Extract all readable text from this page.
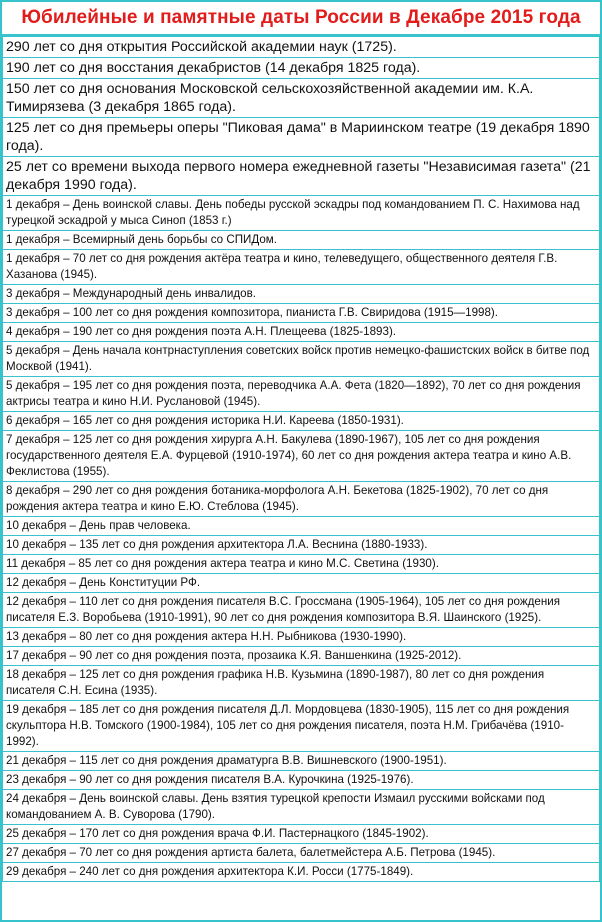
Юбилейные и памятные даты России в Декабре 2015 года
290 лет со дня открытия Российской академии наук (1725).
190 лет со дня восстания декабристов (14 декабря 1825 года).
150 лет со дня основания Московской сельскохозяйственной академии им. К.А. Тимирязева (3 декабря 1865 года).
125 лет со дня премьеры оперы "Пиковая дама" в Мариинском театре (19 декабря 1890 года).
25 лет со времени выхода первого номера ежедневной газеты "Независимая газета" (21 декабря 1990 года).
1 декабря – День воинской славы. День победы русской эскадры под командованием П. С. Нахимова над турецкой эскадрой у мыса Синоп (1853 г.)
1 декабря – Всемирный день борьбы со СПИДом.
1 декабря – 70 лет со дня рождения актёра театра и кино, телеведущего, общественного деятеля Г.В. Хазанова (1945).
3 декабря – Международный день инвалидов.
3 декабря – 100 лет со дня рождения композитора, пианиста Г.В. Свиридова (1915—1998).
4 декабря – 190 лет со дня рождения поэта А.Н. Плещеева (1825-1893).
5 декабря – День начала контрнаступления советских войск против немецко-фашистских войск в битве под Москвой (1941).
5 декабря – 195 лет со дня рождения поэта, переводчика А.А. Фета (1820—1892), 70 лет со дня рождения актрисы театра и кино Н.И. Руслановой (1945).
6 декабря – 165 лет со дня рождения историка Н.И. Кареева (1850-1931).
7 декабря – 125 лет со дня рождения хирурга А.Н. Бакулева (1890-1967), 105 лет со дня рождения государственного деятеля Е.А. Фурцевой (1910-1974), 60 лет со дня рождения актера театра и кино А.В. Феклистова (1955).
8 декабря – 290 лет со дня рождения ботаника-морфолога А.Н. Бекетова (1825-1902), 70 лет со дня рождения актера театра и кино Е.Ю. Стеблова (1945).
10 декабря – День прав человека.
10 декабря – 135 лет со дня рождения архитектора Л.А. Веснина (1880-1933).
11 декабря – 85 лет со дня рождения актера театра и кино М.С. Светина (1930).
12 декабря – День Конституции РФ.
12 декабря – 110 лет со дня рождения писателя В.С. Гроссмана (1905-1964), 105 лет со дня рождения писателя Е.З. Воробьева (1910-1991), 90 лет со дня рождения композитора В.Я. Шаинского (1925).
13 декабря – 80 лет со дня рождения актера Н.Н. Рыбникова (1930-1990).
17 декабря – 90 лет со дня рождения поэта, прозаика К.Я. Ваншенкина (1925-2012).
18 декабря – 125 лет со дня рождения графика Н.В. Кузьмина (1890-1987), 80 лет со дня рождения писателя С.Н. Есина (1935).
19 декабря – 185 лет со дня рождения писателя Д.Л. Мордовцева (1830-1905), 115 лет со дня рождения скульптора Н.В. Томского (1900-1984), 105 лет со дня рождения писателя, поэта Н.М. Грибачёва (1910-1992).
21 декабря – 115 лет со дня рождения драматурга В.В. Вишневского (1900-1951).
23 декабря – 90 лет со дня рождения писателя В.А. Курочкина (1925-1976).
24 декабря – День воинской славы. День взятия турецкой крепости Измаил русскими войсками под командованием А. В. Суворова (1790).
25 декабря – 170 лет со дня рождения врача Ф.И. Пастернацкого (1845-1902).
27 декабря – 70 лет со дня рождения артиста балета, балетмейстера А.Б. Петрова (1945).
29 декабря – 240 лет со дня рождения архитектора К.И. Росси (1775-1849).
